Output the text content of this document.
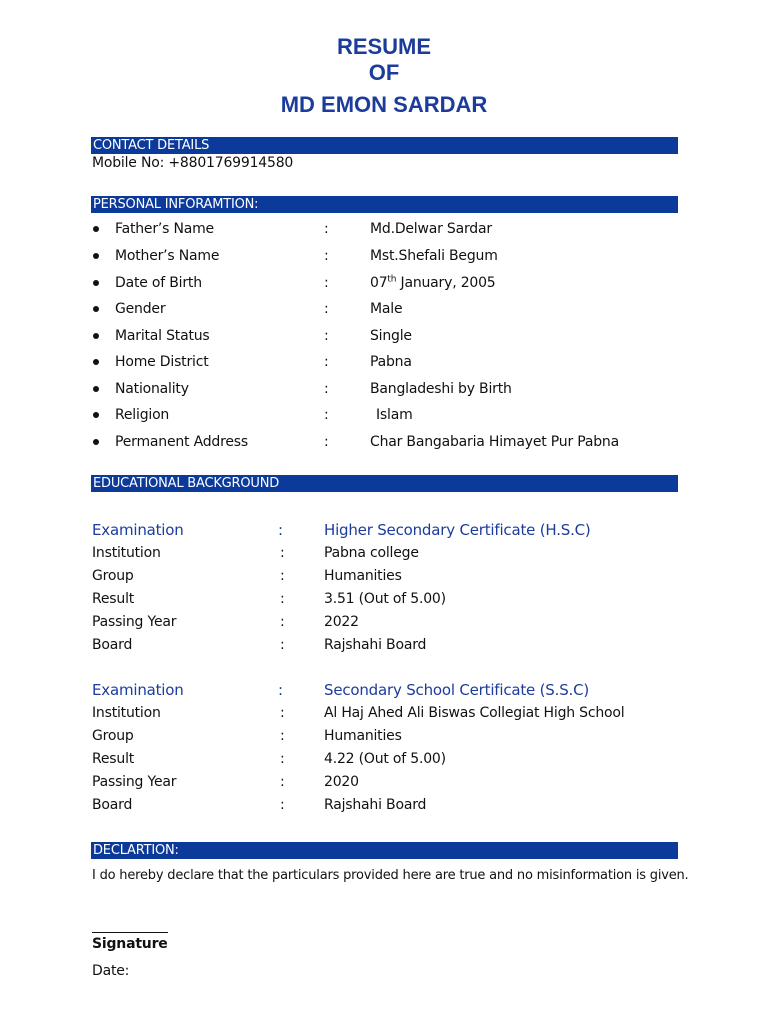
RESUME
OF
MD EMON SARDAR
CONTACT DETAILS
Mobile No: +8801769914580
PERSONAL INFORAMTION:
Father’s Name	:	Md.Delwar Sardar
Mother’s Name	:	Mst.Shefali Begum
Date of Birth	:	07th January, 2005
Gender	:	Male
Marital Status	:	Single
Home District	:	Pabna
Nationality	:	Bangladeshi by Birth
Religion	:	Islam
Permanent Address	:	Char Bangabaria Himayet Pur Pabna
EDUCATIONAL BACKGROUND
Examination	:	Higher Secondary Certificate (H.S.C)
Institution	:	Pabna college
Group	:	Humanities
Result	:	3.51 (Out of 5.00)
Passing Year	:	2022
Board	:	Rajshahi Board
Examination	:	Secondary School Certificate (S.S.C)
Institution	:	Al Haj Ahed Ali Biswas Collegiat High School
Group	:	Humanities
Result	:	4.22 (Out of 5.00)
Passing Year	:	2020
Board	:	Rajshahi Board
DECLARTION:
I do hereby declare that the particulars provided here are true and no misinformation is given.
Signature
Date:
